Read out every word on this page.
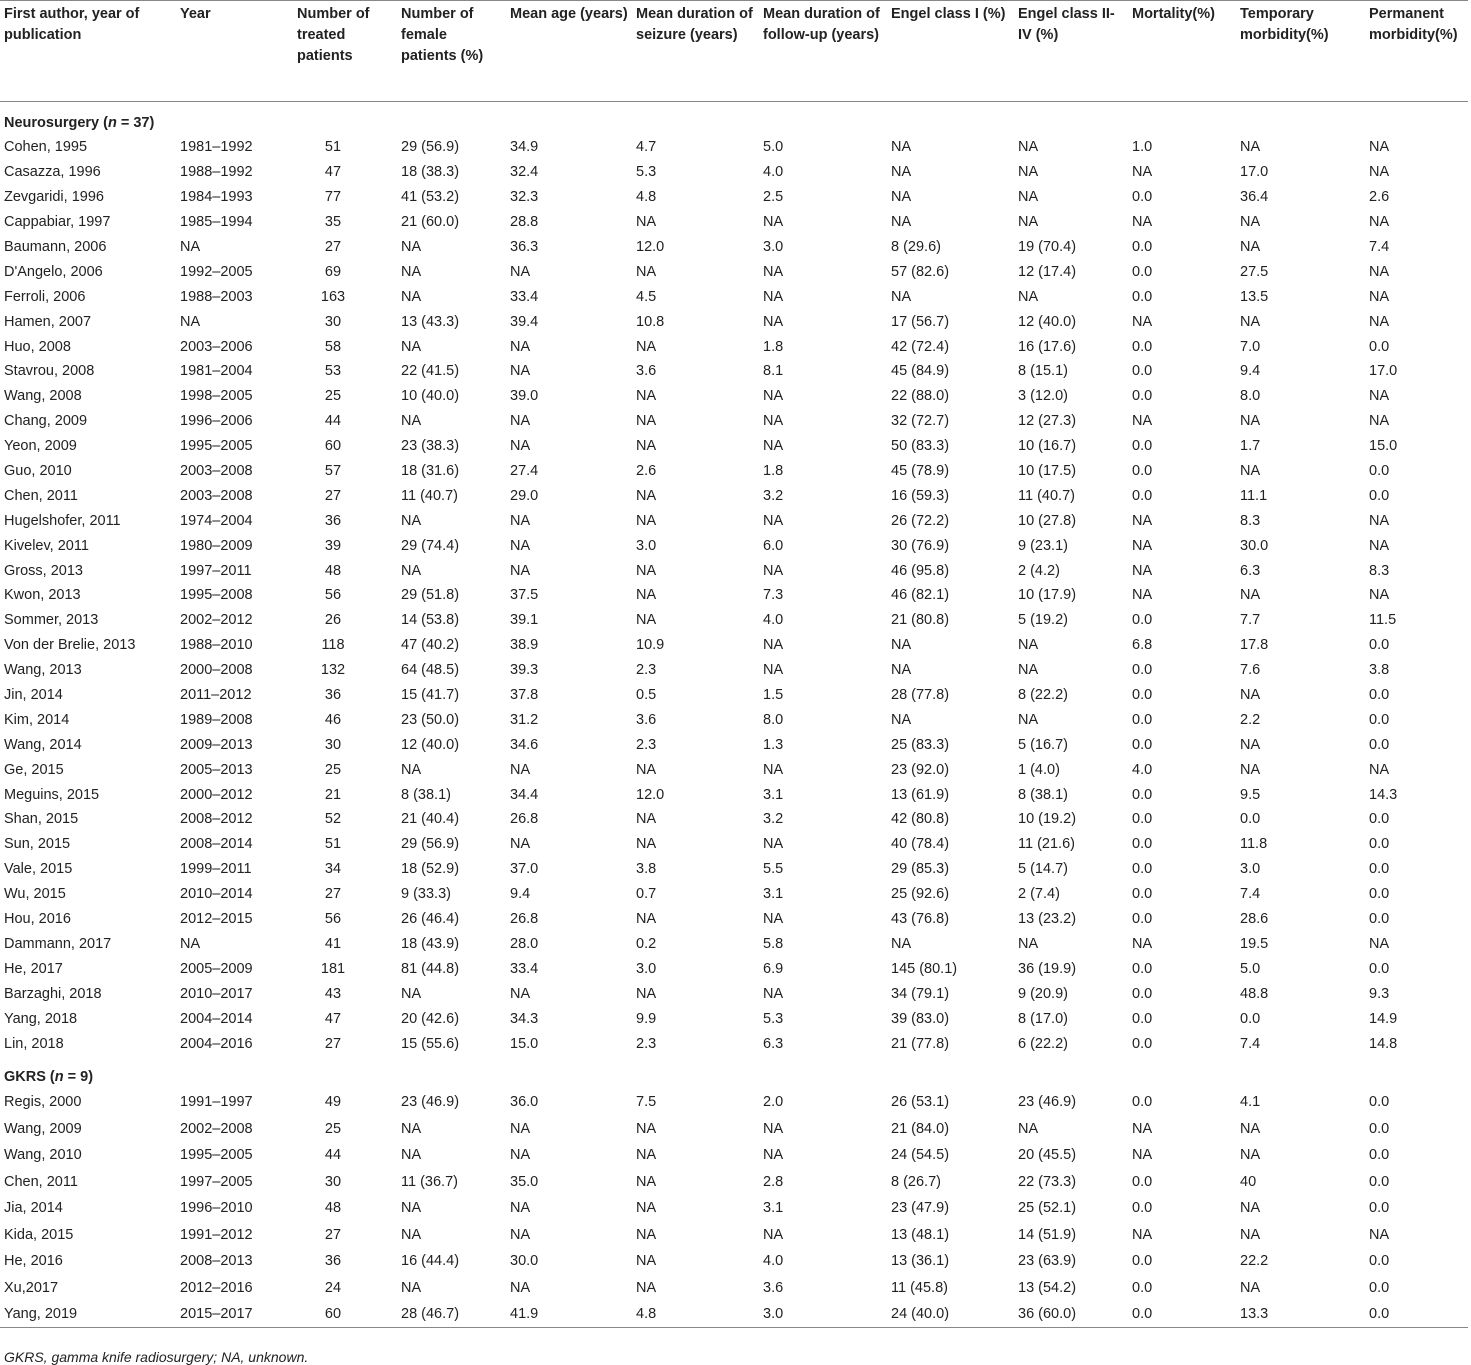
First author, year of publication	Year	Number of treated patients	Number of female patients (%)	Mean age (years)	Mean duration of seizure (years)	Mean duration of follow-up (years)	Engel class I (%)	Engel class II-IV (%)	Mortality(%)	Temporary morbidity(%)	Permanent morbidity(%)
Neurosurgery (n = 37)											
Cohen, 1995	1981–1992	51	29 (56.9)	34.9	4.7	5.0	NA	NA	1.0	NA	NA
Casazza, 1996	1988–1992	47	18 (38.3)	32.4	5.3	4.0	NA	NA	NA	17.0	NA
Zevgaridi, 1996	1984–1993	77	41 (53.2)	32.3	4.8	2.5	NA	NA	0.0	36.4	2.6
Cappabiar, 1997	1985–1994	35	21 (60.0)	28.8	NA	NA	NA	NA	NA	NA	NA
Baumann, 2006	NA	27	NA	36.3	12.0	3.0	8 (29.6)	19 (70.4)	0.0	NA	7.4
D'Angelo, 2006	1992–2005	69	NA	NA	NA	NA	57 (82.6)	12 (17.4)	0.0	27.5	NA
Ferroli, 2006	1988–2003	163	NA	33.4	4.5	NA	NA	NA	0.0	13.5	NA
Hamen, 2007	NA	30	13 (43.3)	39.4	10.8	NA	17 (56.7)	12 (40.0)	NA	NA	NA
Huo, 2008	2003–2006	58	NA	NA	NA	1.8	42 (72.4)	16 (17.6)	0.0	7.0	0.0
Stavrou, 2008	1981–2004	53	22 (41.5)	NA	3.6	8.1	45 (84.9)	8 (15.1)	0.0	9.4	17.0
Wang, 2008	1998–2005	25	10 (40.0)	39.0	NA	NA	22 (88.0)	3 (12.0)	0.0	8.0	NA
Chang, 2009	1996–2006	44	NA	NA	NA	NA	32 (72.7)	12 (27.3)	NA	NA	NA
Yeon, 2009	1995–2005	60	23 (38.3)	NA	NA	NA	50 (83.3)	10 (16.7)	0.0	1.7	15.0
Guo, 2010	2003–2008	57	18 (31.6)	27.4	2.6	1.8	45 (78.9)	10 (17.5)	0.0	NA	0.0
Chen, 2011	2003–2008	27	11 (40.7)	29.0	NA	3.2	16 (59.3)	11 (40.7)	0.0	11.1	0.0
Hugelshofer, 2011	1974–2004	36	NA	NA	NA	NA	26 (72.2)	10 (27.8)	NA	8.3	NA
Kivelev, 2011	1980–2009	39	29 (74.4)	NA	3.0	6.0	30 (76.9)	9 (23.1)	NA	30.0	NA
Gross, 2013	1997–2011	48	NA	NA	NA	NA	46 (95.8)	2 (4.2)	NA	6.3	8.3
Kwon, 2013	1995–2008	56	29 (51.8)	37.5	NA	7.3	46 (82.1)	10 (17.9)	NA	NA	NA
Sommer, 2013	2002–2012	26	14 (53.8)	39.1	NA	4.0	21 (80.8)	5 (19.2)	0.0	7.7	11.5
Von der Brelie, 2013	1988–2010	118	47 (40.2)	38.9	10.9	NA	NA	NA	6.8	17.8	0.0
Wang, 2013	2000–2008	132	64 (48.5)	39.3	2.3	NA	NA	NA	0.0	7.6	3.8
Jin, 2014	2011–2012	36	15 (41.7)	37.8	0.5	1.5	28 (77.8)	8 (22.2)	0.0	NA	0.0
Kim, 2014	1989–2008	46	23 (50.0)	31.2	3.6	8.0	NA	NA	0.0	2.2	0.0
Wang, 2014	2009–2013	30	12 (40.0)	34.6	2.3	1.3	25 (83.3)	5 (16.7)	0.0	NA	0.0
Ge, 2015	2005–2013	25	NA	NA	NA	NA	23 (92.0)	1 (4.0)	4.0	NA	NA
Meguins, 2015	2000–2012	21	8 (38.1)	34.4	12.0	3.1	13 (61.9)	8 (38.1)	0.0	9.5	14.3
Shan, 2015	2008–2012	52	21 (40.4)	26.8	NA	3.2	42 (80.8)	10 (19.2)	0.0	0.0	0.0
Sun, 2015	2008–2014	51	29 (56.9)	NA	NA	NA	40 (78.4)	11 (21.6)	0.0	11.8	0.0
Vale, 2015	1999–2011	34	18 (52.9)	37.0	3.8	5.5	29 (85.3)	5 (14.7)	0.0	3.0	0.0
Wu, 2015	2010–2014	27	9 (33.3)	9.4	0.7	3.1	25 (92.6)	2 (7.4)	0.0	7.4	0.0
Hou, 2016	2012–2015	56	26 (46.4)	26.8	NA	NA	43 (76.8)	13 (23.2)	0.0	28.6	0.0
Dammann, 2017	NA	41	18 (43.9)	28.0	0.2	5.8	NA	NA	NA	19.5	NA
He, 2017	2005–2009	181	81 (44.8)	33.4	3.0	6.9	145 (80.1)	36 (19.9)	0.0	5.0	0.0
Barzaghi, 2018	2010–2017	43	NA	NA	NA	NA	34 (79.1)	9 (20.9)	0.0	48.8	9.3
Yang, 2018	2004–2014	47	20 (42.6)	34.3	9.9	5.3	39 (83.0)	8 (17.0)	0.0	0.0	14.9
Lin, 2018	2004–2016	27	15 (55.6)	15.0	2.3	6.3	21 (77.8)	6 (22.2)	0.0	7.4	14.8
GKRS (n = 9)											
Regis, 2000	1991–1997	49	23 (46.9)	36.0	7.5	2.0	26 (53.1)	23 (46.9)	0.0	4.1	0.0
Wang, 2009	2002–2008	25	NA	NA	NA	NA	21 (84.0)	NA	NA	NA	0.0
Wang, 2010	1995–2005	44	NA	NA	NA	NA	24 (54.5)	20 (45.5)	NA	NA	0.0
Chen, 2011	1997–2005	30	11 (36.7)	35.0	NA	2.8	8 (26.7)	22 (73.3)	0.0	40	0.0
Jia, 2014	1996–2010	48	NA	NA	NA	3.1	23 (47.9)	25 (52.1)	0.0	NA	0.0
Kida, 2015	1991–2012	27	NA	NA	NA	NA	13 (48.1)	14 (51.9)	NA	NA	NA
He, 2016	2008–2013	36	16 (44.4)	30.0	NA	4.0	13 (36.1)	23 (63.9)	0.0	22.2	0.0
Xu,2017	2012–2016	24	NA	NA	NA	3.6	11 (45.8)	13 (54.2)	0.0	NA	0.0
Yang, 2019	2015–2017	60	28 (46.7)	41.9	4.8	3.0	24 (40.0)	36 (60.0)	0.0	13.3	0.0
GKRS, gamma knife radiosurgery; NA, unknown.
